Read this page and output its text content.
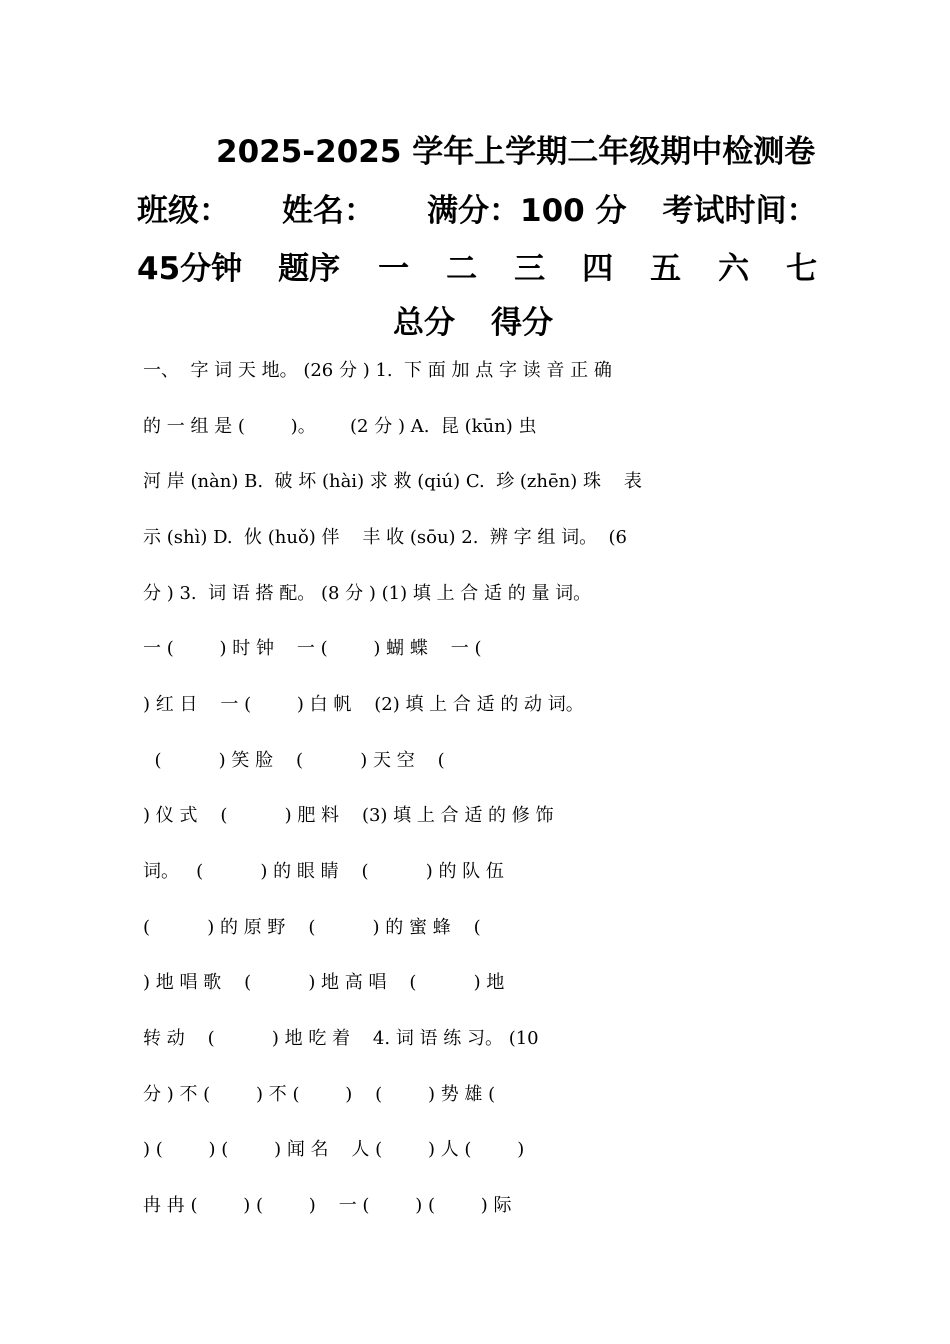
2025-2025 学年上学期二年级期中检测卷
班级： 姓名： 满分：100 分 考试时间：
45分钟 题序 一 二 三 四 五 六 七
总分 得分
一、  字 词 天 地。 (26 分 ) 1.  下 面 加 点 字 读 音 正 确
的 一 组 是 (        )。      (2 分 ) A.  昆 (kūn) 虫
河 岸 (nàn) B.  破 坏 (hài) 求 救 (qiú) C.  珍 (zhēn) 珠    表
示 (shì) D.  伙 (huǒ) 伴    丰 收 (sōu) 2.  辨 字 组 词。  (6
分 ) 3.  词 语 搭 配。 (8 分 ) (1) 填 上 合 适 的 量 词。
一 (        ) 时 钟    一 (        ) 蝴 蝶    一 (
) 红 日    一 (        ) 白 帆    (2) 填 上 合 适 的 动 词。
(          ) 笑 脸    (          ) 天 空    (
) 仪 式    (          ) 肥 料    (3) 填 上 合 适 的 修 饰
词。   (          ) 的 眼 睛    (          ) 的 队 伍
(          ) 的 原 野    (          ) 的 蜜 蜂    (
) 地 唱 歌    (          ) 地 高 唱    (          ) 地
转 动    (          ) 地 吃 着    4. 词 语 练 习。 (10
分 ) 不 (        ) 不 (        )    (        ) 势 雄 (
) (        ) (        ) 闻 名    人 (        ) 人 (        )
冉 冉 (        ) (        )    一 (        ) (        ) 际
